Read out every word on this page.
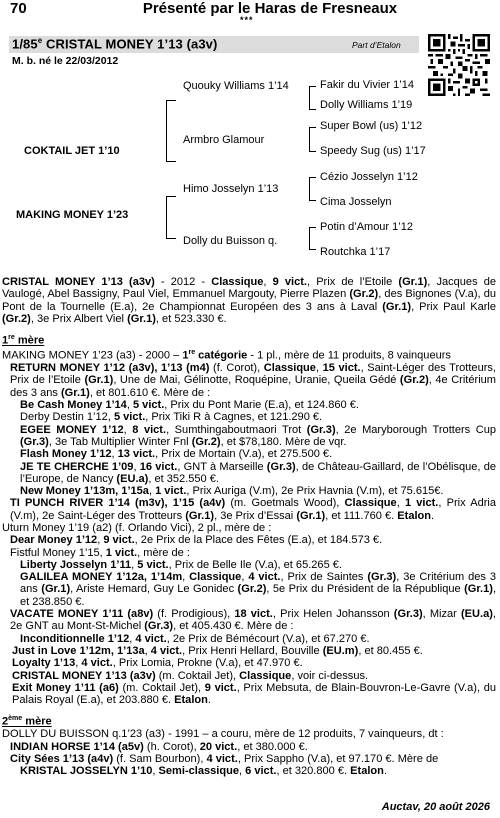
70	Présenté par le Haras de Fresneaux
***
1/85e CRISTAL MONEY 1’13 (a3v)	Part d’Etalon
M. b. né le 22/03/2012
COKTAIL JET 1’10
MAKING MONEY 1’23
Quouky Williams 1’14
Armbro Glamour
Himo Josselyn 1’13
Dolly du Buisson q.
Fakir du Vivier 1’14
Dolly Williams 1’19
Super Bowl (us) 1’12
Speedy Sug (us) 1’17
Cézio Josselyn 1’12
Cima Josselyn
Potin d’Amour 1’12
Routchka 1’17

CRISTAL MONEY 1’13 (a3v) - 2012 - Classique, 9 vict., Prix de l’Etoile (Gr.1), Jacques de Vaulogé, Abel Bassigny, Paul Viel, Emmanuel Margouty, Pierre Plazen (Gr.2), des Bignones (V.a), du Pont de la Tournelle (E.a), 2e Championnat Européen des 3 ans à Laval (Gr.1), Prix Paul Karle (Gr.2), 3e Prix Albert Viel (Gr.1), et 523.330 €.

1re mère

MAKING MONEY 1’23 (a3) - 2000 – 1re catégorie - 1 pl., mère de 11 produits, 8 vainqueurs

RETURN MONEY 1’12 (a3v), 1’13 (m4) (f. Corot), Classique, 15 vict., Saint-Léger des Trotteurs, Prix de l’Etoile (Gr.1), Une de Mai, Gélinotte, Roquépine, Uranie, Queila Gédé (Gr.2), 4e Critérium des 3 ans (Gr.1), et 801.610 €. Mère de :

Be Cash Money 1’14, 5 vict., Prix du Pont Marie (E.a), et 124.860 €.

Derby Destin 1’12, 5 vict., Prix Tiki R à Cagnes, et 121.290 €.

EGEE MONEY 1’12, 8 vict., Sumthingaboutmaori Trot (Gr.3), 2e Maryborough Trotters Cup (Gr.3), 3e Tab Multiplier Winter Fnl (Gr.2), et $78,180. Mère de vqr.

Flash Money 1’12, 13 vict., Prix de Mortain (V.a), et 275.500 €.

JE TE CHERCHE 1’09, 16 vict., GNT à Marseille (Gr.3), de Château-Gaillard, de l’Obélisque, de l’Europe, de Nancy (EU.a), et 352.550 €.

New Money 1’13m, 1’15a, 1 vict., Prix Auriga (V.m), 2e Prix Havnia (V.m), et 75.615€.

TI PUNCH RIVER 1’14 (m3v), 1’15 (a4v) (m. Goetmals Wood), Classique, 1 vict., Prix Adria (V.m), 2e Saint-Léger des Trotteurs (Gr.1), 3e Prix d’Essai (Gr.1), et 111.760 €. Etalon.

Uturn Money 1’19 (a2) (f. Orlando Vici), 2 pl., mère de :

Dear Money 1’12, 9 vict., 2e Prix de la Place des Fêtes (E.a), et 184.573 €.

Fistful Money 1’15, 1 vict., mère de :

Liberty Josselyn 1’11, 5 vict., Prix de Belle Ile (V.a), et 65.265 €.

GALILEA MONEY 1’12a, 1’14m, Classique, 4 vict., Prix de Saintes (Gr.3), 3e Critérium des 3 ans (Gr.1), Ariste Hemard, Guy Le Gonidec (Gr.2), 5e Prix du Président de la République (Gr.1), et 238.850 €.

VACATE MONEY 1’11 (a8v) (f. Prodigious), 18 vict., Prix Helen Johansson (Gr.3), Mizar (EU.a), 2e GNT au Mont-St-Michel (Gr.3), et 405.430 €. Mère de :

Inconditionnelle 1’12, 4 vict., 2e Prix de Bémécourt (V.a), et 67.270 €.

Just in Love 1’12m, 1’13a, 4 vict., Prix Henri Hellard, Bouville (EU.m), et 80.455 €.

Loyalty 1’13, 4 vict., Prix Lomia, Prokne (V.a), et 47.970 €.

CRISTAL MONEY 1’13 (a3v) (m. Coktail Jet), Classique, voir ci-dessus.

Exit Money 1’11 (a6) (m. Coktail Jet), 9 vict., Prix Mebsuta, de Blain-Bouvron-Le-Gavre (V.a), du Palais Royal (E.a), et 203.880 €. Etalon.

2ème mère

DOLLY DU BUISSON q.1’23 (a3) - 1991 – a couru, mère de 12 produits, 7 vainqueurs, dt :

INDIAN HORSE 1’14 (a5v) (h. Corot), 20 vict., et 380.000 €.

City Sées 1’13 (a4v) (f. Sam Bourbon), 4 vict., Prix Sappho (V.a), et 97.170 €. Mère de

KRISTAL JOSSELYN 1’10, Semi-classique, 6 vict., et 320.800 €. Etalon.

Auctav, 20 août 2026
